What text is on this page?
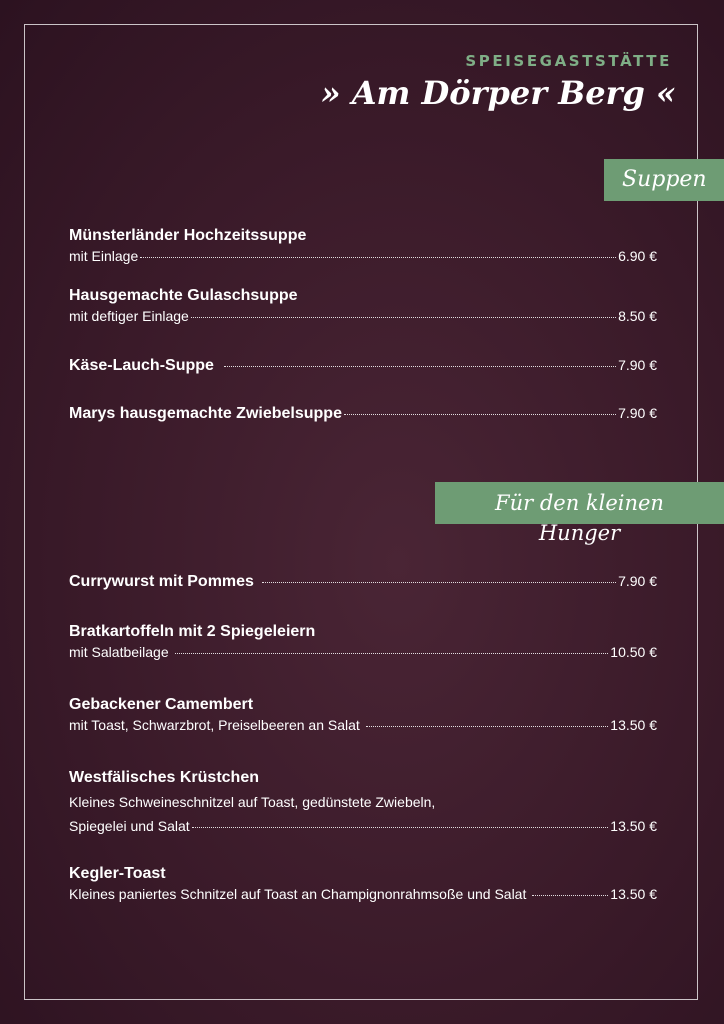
SPEISEGASTSTÄTTE
» Am Dörper Berg «
Suppen
Münsterländer Hochzeitssuppe
mit Einlage	6.90 €
Hausgemachte Gulaschsuppe
mit deftiger Einlage	8.50 €
Käse-Lauch-Suppe	7.90 €
Marys hausgemachte Zwiebelsuppe	7.90 €
Für den kleinen Hunger
Currywurst mit Pommes	7.90 €
Bratkartoffeln mit 2 Spiegeleiern
mit Salatbeilage	10.50 €
Gebackener Camembert
mit Toast, Schwarzbrot, Preiselbeeren an Salat	13.50 €
Westfälisches Krüstchen
Kleines Schweineschnitzel auf Toast, gedünstete Zwiebeln,
Spiegelei und Salat	13.50 €
Kegler-Toast
Kleines paniertes Schnitzel auf Toast an Champignonrahmsoße und Salat	13.50 €
